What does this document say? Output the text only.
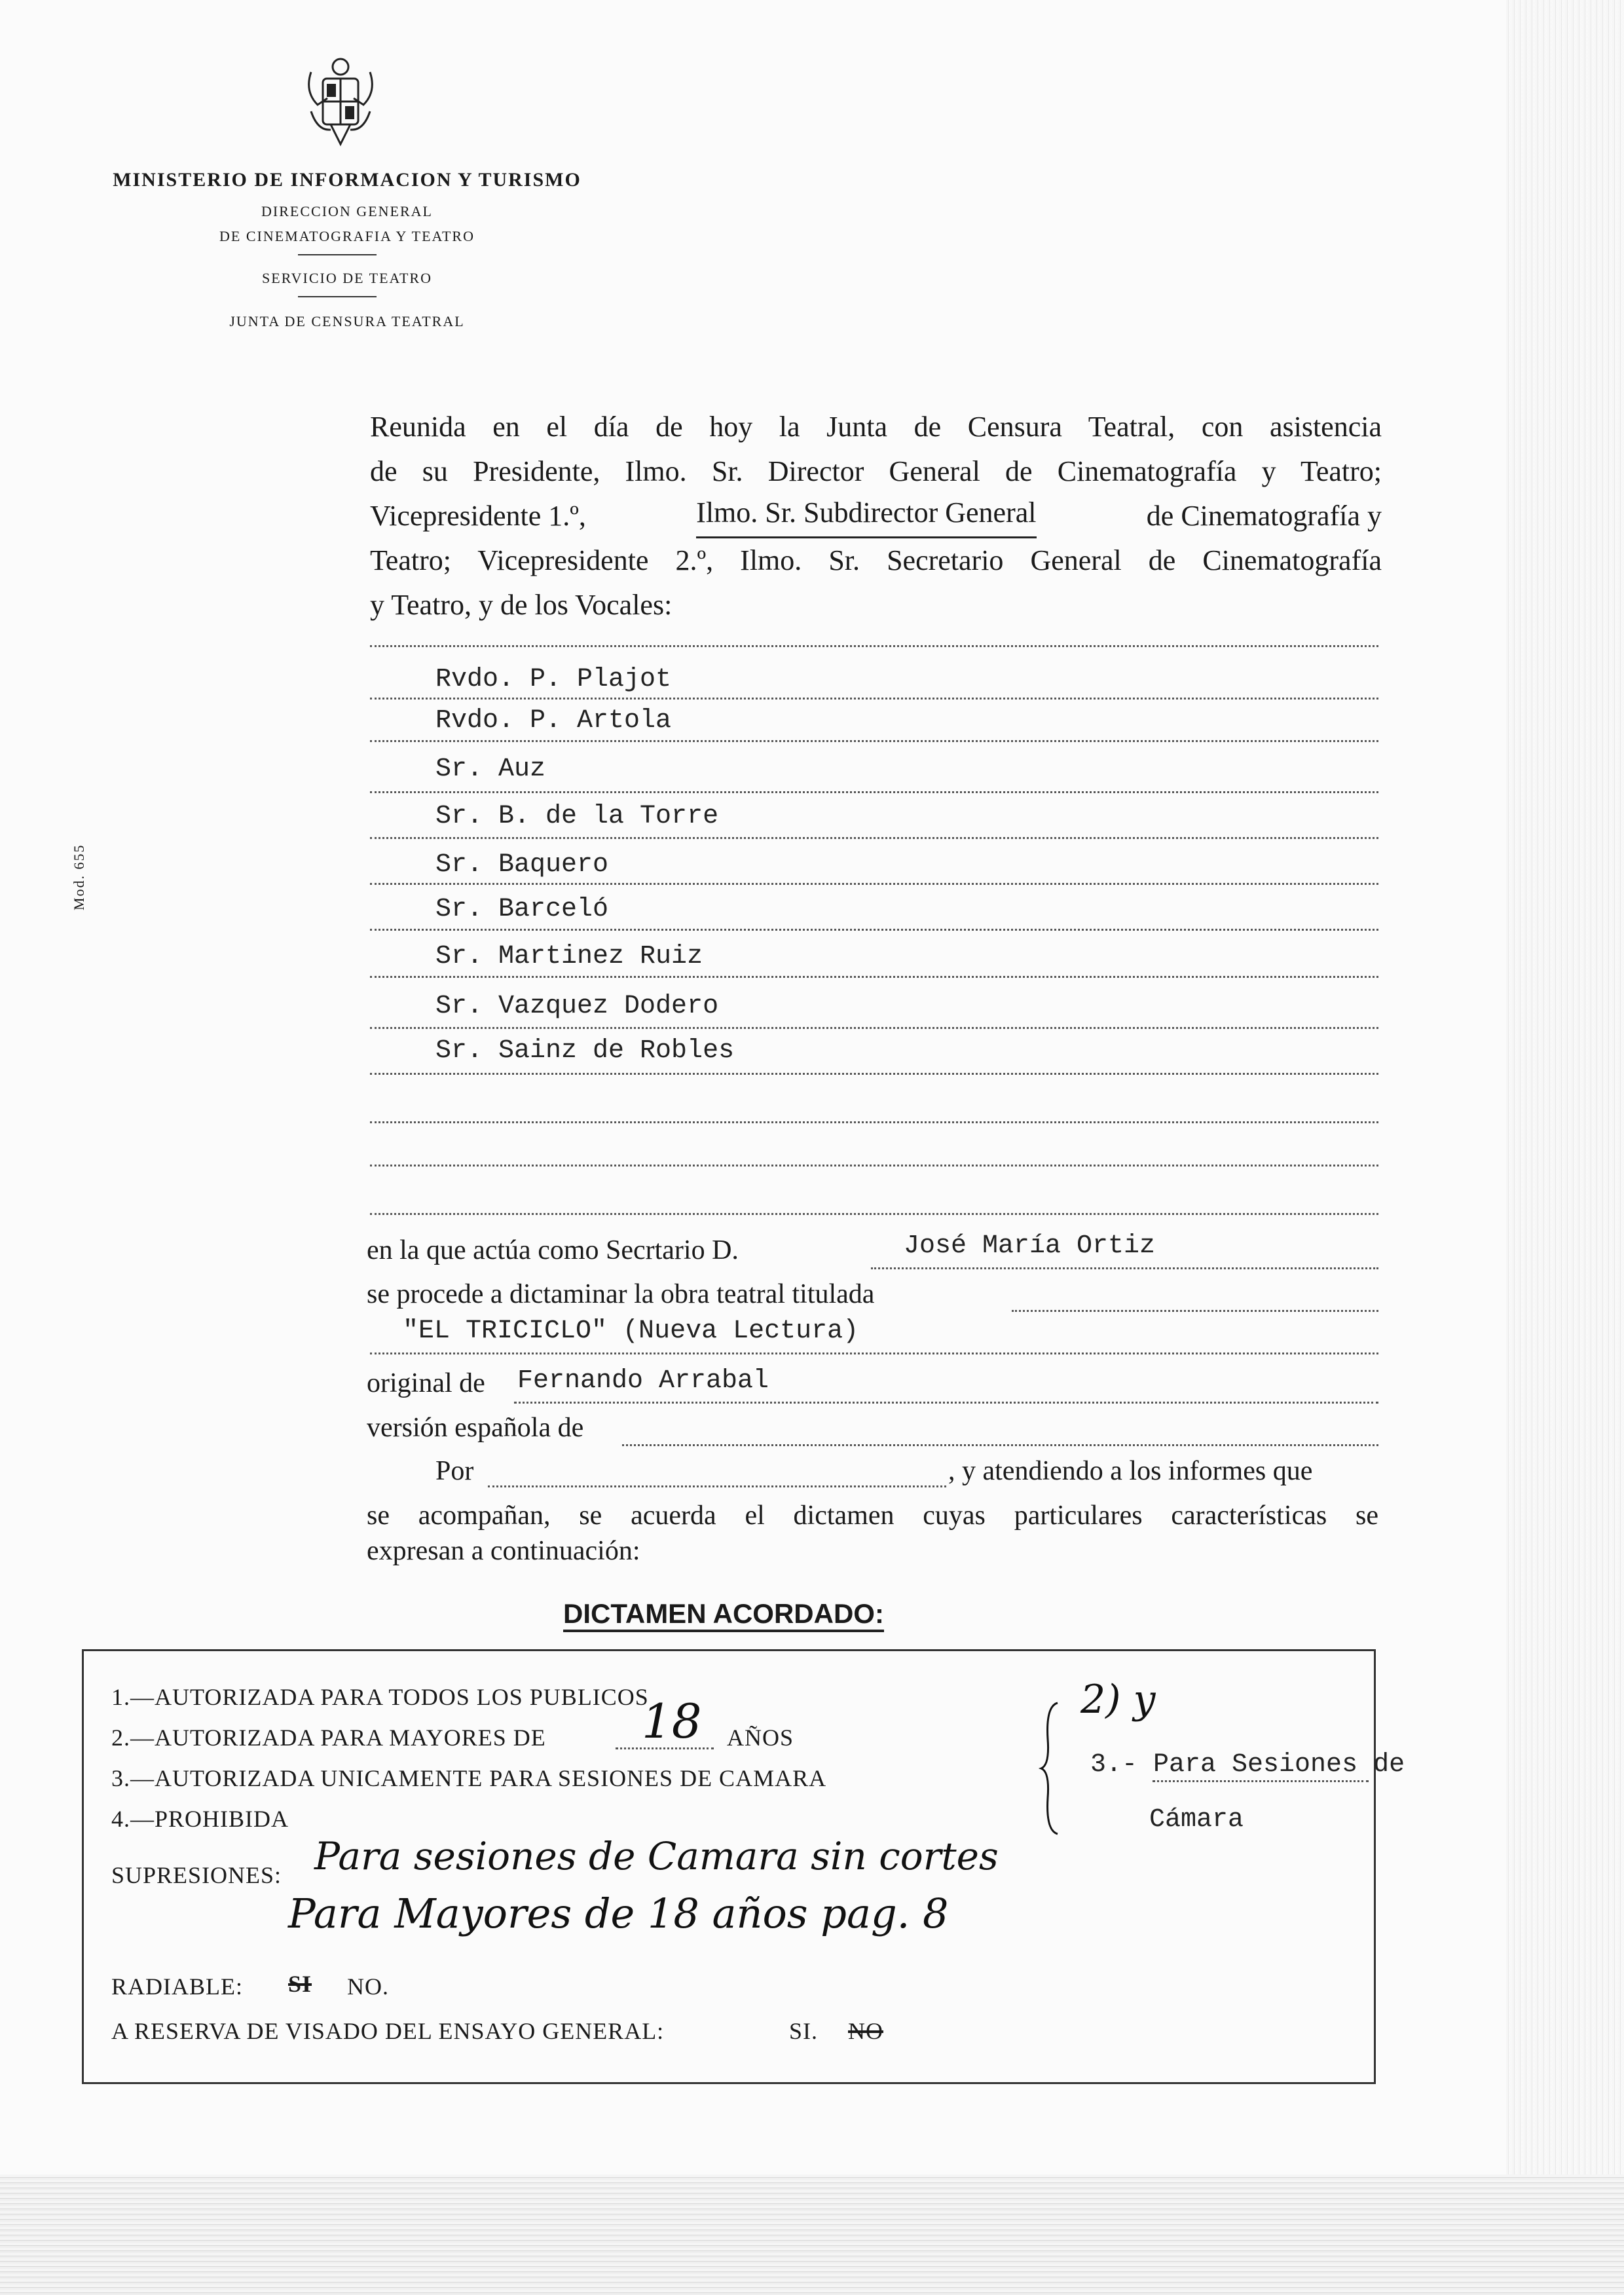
MINISTERIO DE INFORMACION Y TURISMO
DIRECCION GENERAL
DE CINEMATOGRAFIA Y TEATRO
SERVICIO DE TEATRO
JUNTA DE CENSURA TEATRAL
Mod. 655
Reunida en el día de hoy la Junta de Censura Teatral, con asistencia
de su Presidente, Ilmo. Sr. Director General de Cinematografía y Teatro;
Vicepresidente 1.º,	Ilmo. Sr. Subdirector General	de Cinematografía y
Teatro; Vicepresidente 2.º, Ilmo. Sr. Secretario General de Cinematografía
y Teatro, y de los Vocales:
Rvdo. P. Plajot
Rvdo. P. Artola
Sr. Auz
Sr. B. de la Torre
Sr. Baquero
Sr. Barceló
Sr. Martinez Ruiz
Sr. Vazquez Dodero
Sr. Sainz de Robles
en la que actúa como Secrtario D.	José María Ortiz
se procede a dictaminar la obra teatral titulada
"EL TRICICLO" (Nueva Lectura)
original de Fernando Arrabal
versión española de
Por	, y atendiendo a los informes que
se acompañan, se acuerda el dictamen cuyas particulares características se
expresan a continuación:
DICTAMEN ACORDADO:
1.—AUTORIZADA PARA TODOS LOS PUBLICOS
2.—AUTORIZADA PARA MAYORES DE 18 AÑOS
3.—AUTORIZADA UNICAMENTE PARA SESIONES DE CAMARA
4.—PROHIBIDA
2) y
3.- Para Sesiones de
Cámara
SUPRESIONES: Para sesiones de Camara sin cortes
Para Mayores de 18 años pag. 8
RADIABLE: SI NO.
A RESERVA DE VISADO DEL ENSAYO GENERAL:	SI. NO
